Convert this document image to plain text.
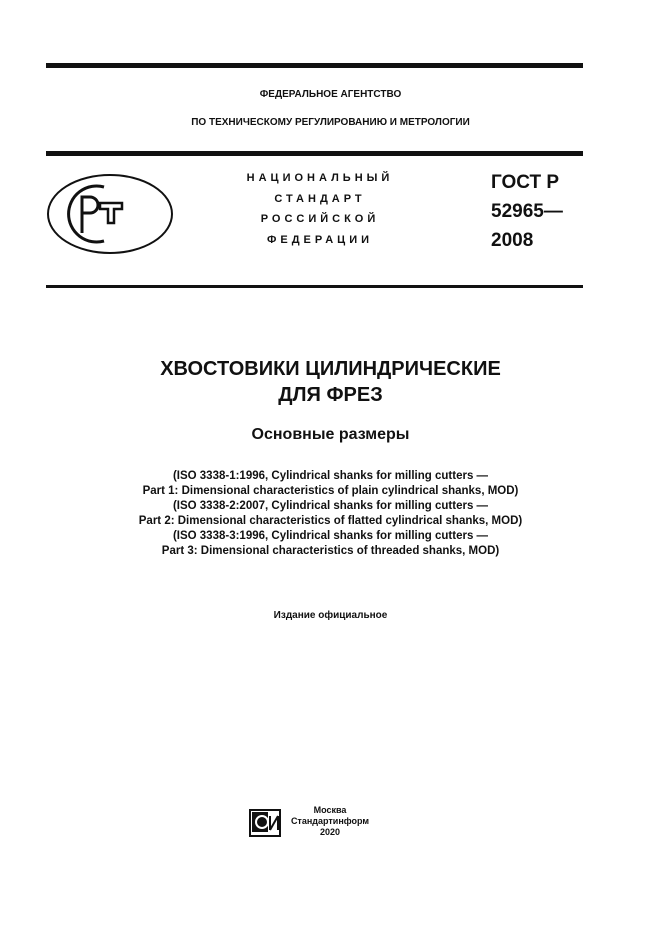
ФЕДЕРАЛЬНОЕ АГЕНТСТВО
ПО ТЕХНИЧЕСКОМУ РЕГУЛИРОВАНИЮ И МЕТРОЛОГИИ
НАЦИОНАЛЬНЫЙ
СТАНДАРТ
РОССИЙСКОЙ
ФЕДЕРАЦИИ
ГОСТ Р
52965—
2008
ХВОСТОВИКИ ЦИЛИНДРИЧЕСКИЕ
ДЛЯ ФРЕЗ
Основные размеры
(ISO 3338-1:1996, Cylindrical shanks for milling cutters —
Part 1: Dimensional characteristics of plain cylindrical shanks, MOD)
(ISO 3338-2:2007, Cylindrical shanks for milling cutters —
Part 2: Dimensional characteristics of flatted cylindrical shanks, MOD)
(ISO 3338-3:1996, Cylindrical shanks for milling cutters —
Part 3: Dimensional characteristics of threaded shanks, MOD)
Издание официальное
Москва
Стандартинформ
2020
